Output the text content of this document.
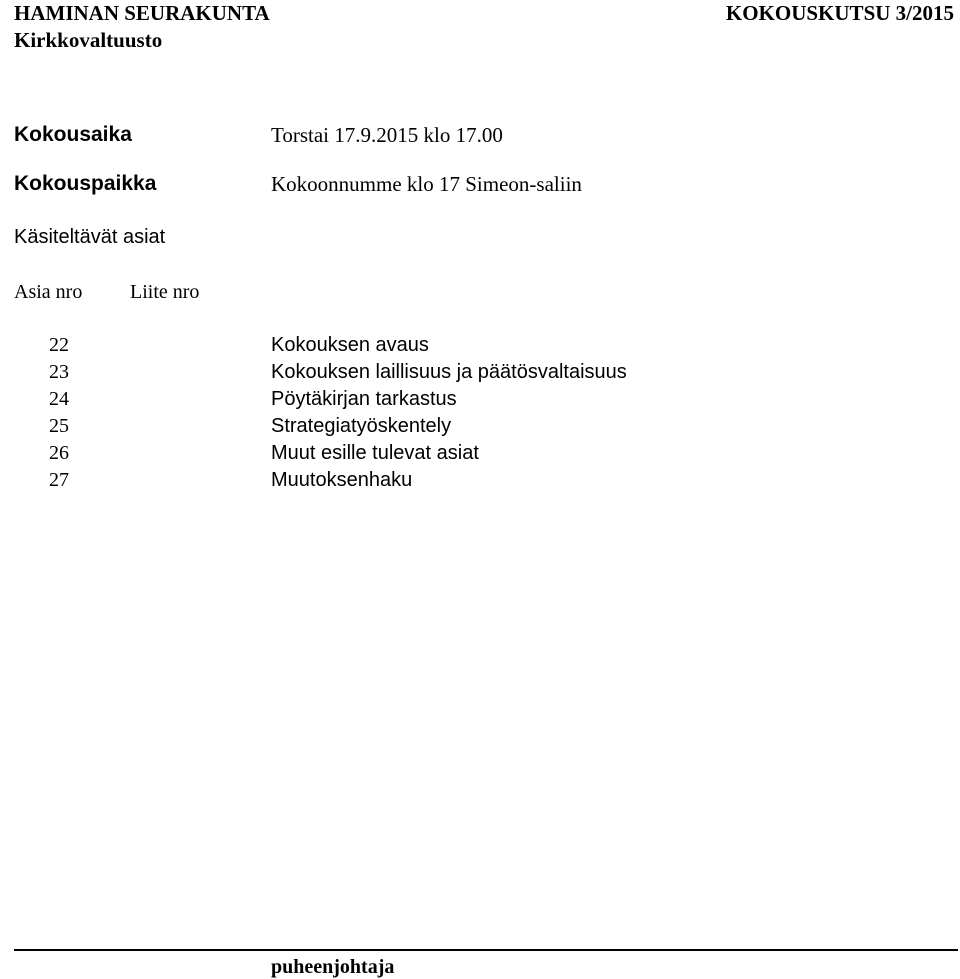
HAMINAN SEURAKUNTA	KOKOUSKUTSU 3/2015
Kirkkovaltuusto
Kokousaika	Torstai 17.9.2015 klo 17.00
Kokouspaikka	Kokoonnumme klo 17 Simeon-saliin
Käsiteltävät asiat
Asia nro Liite nro
22	Kokouksen avaus
23	Kokouksen laillisuus ja päätösvaltaisuus
24	Pöytäkirjan tarkastus
25	Strategiatyöskentely
26	Muut esille tulevat asiat
27	Muutoksenhaku
puheenjohtaja
